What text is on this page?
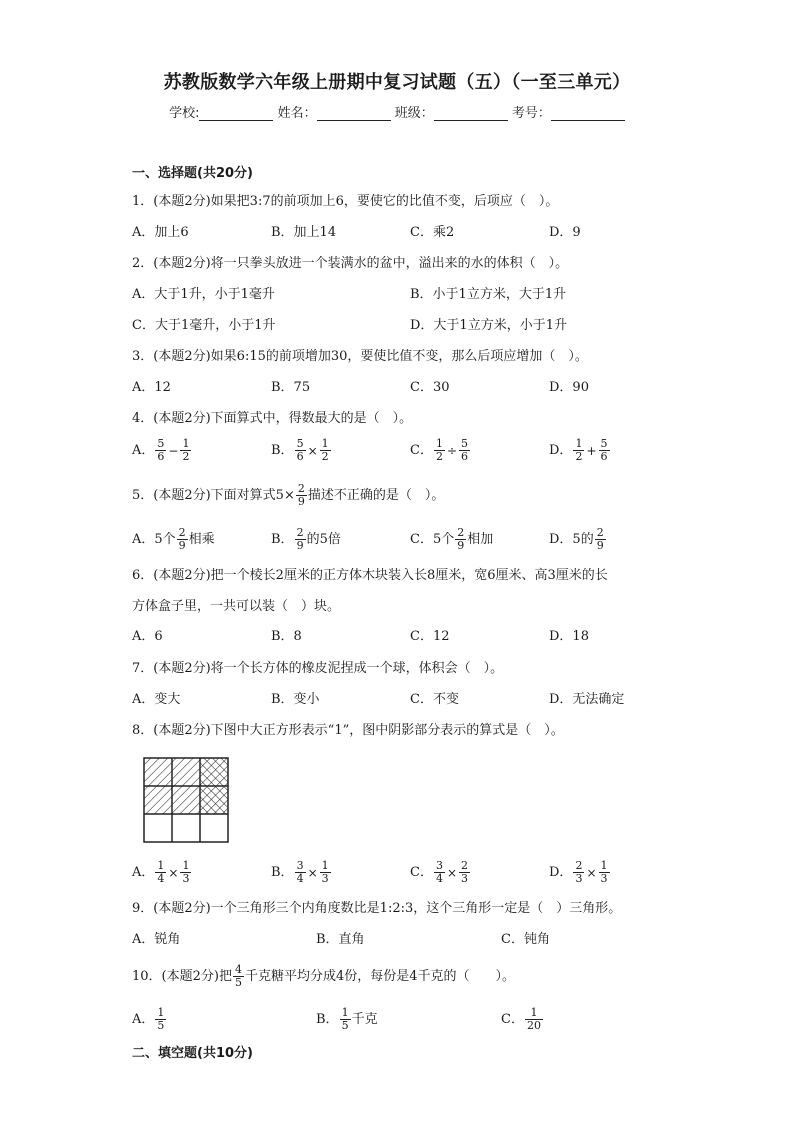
苏教版数学六年级上册期中复习试题（五）（一至三单元）
学校:	姓名：	班级：	考号：
一、选择题(共20分)
1．(本题2分)如果把3:7的前项加上6，要使它的比值不变，后项应（　）。
A．加上6	B．加上14	C．乘2	D．9
2．(本题2分)将一只拳头放进一个装满水的盆中，溢出来的水的体积（　）。
A．大于1升，小于1毫升	B．小于1立方米，大于1升
C．大于1毫升，小于1升	D．大于1立方米，小于1升
3．(本题2分)如果6:15的前项增加30，要使比值不变，那么后项应增加（　）。
A．12	B．75	C．30	D．90
4．(本题2分)下面算式中，得数最大的是（　）。
A． $\frac{5}{6} - \frac{1}{2}$	B． $\frac{5}{6} \times \frac{1}{2}$	C． $\frac{1}{2} \div \frac{5}{6}$	D． $\frac{1}{2} + \frac{5}{6}$
5．(本题2分)下面对算式$5\times \frac{2}{9}$ 描述不正确的是（　）。
A．5个 $\frac{2}{9}$ 相乘	B． $\frac{2}{9}$ 的5倍	C．5个 $\frac{2}{9}$ 相加	D．5的 $\frac{2}{9}$
6．(本题2分)把一个棱长2厘米的正方体木块装入长8厘米，宽6厘米、高3厘米的长
方体盒子里，一共可以装（　）块。
A．6	B．8	C．12	D．18
7．(本题2分)将一个长方体的橡皮泥捏成一个球，体积会（　）。
A．变大	B．变小	C．不变	D．无法确定
8．(本题2分)下图中大正方形表示“1”，图中阴影部分表示的算式是（　）。
A． $\frac{1}{4} \times \frac{1}{3}$	B． $\frac{3}{4} \times \frac{1}{3}$	C． $\frac{3}{4} \times \frac{2}{3}$	D． $\frac{2}{3} \times \frac{1}{3}$
9．(本题2分)一个三角形三个内角度数比是1:2:3，这个三角形一定是（　）三角形。
A．锐角	B．直角	C．钝角
10．(本题2分)把 $\frac{4}{5}$ 千克糖平均分成4份，每份是4千克的（　　）。
A． $\frac{1}{5}$	B． $\frac{1}{5}$ 千克	C． $\frac{1}{20}$
二、填空题(共10分)
